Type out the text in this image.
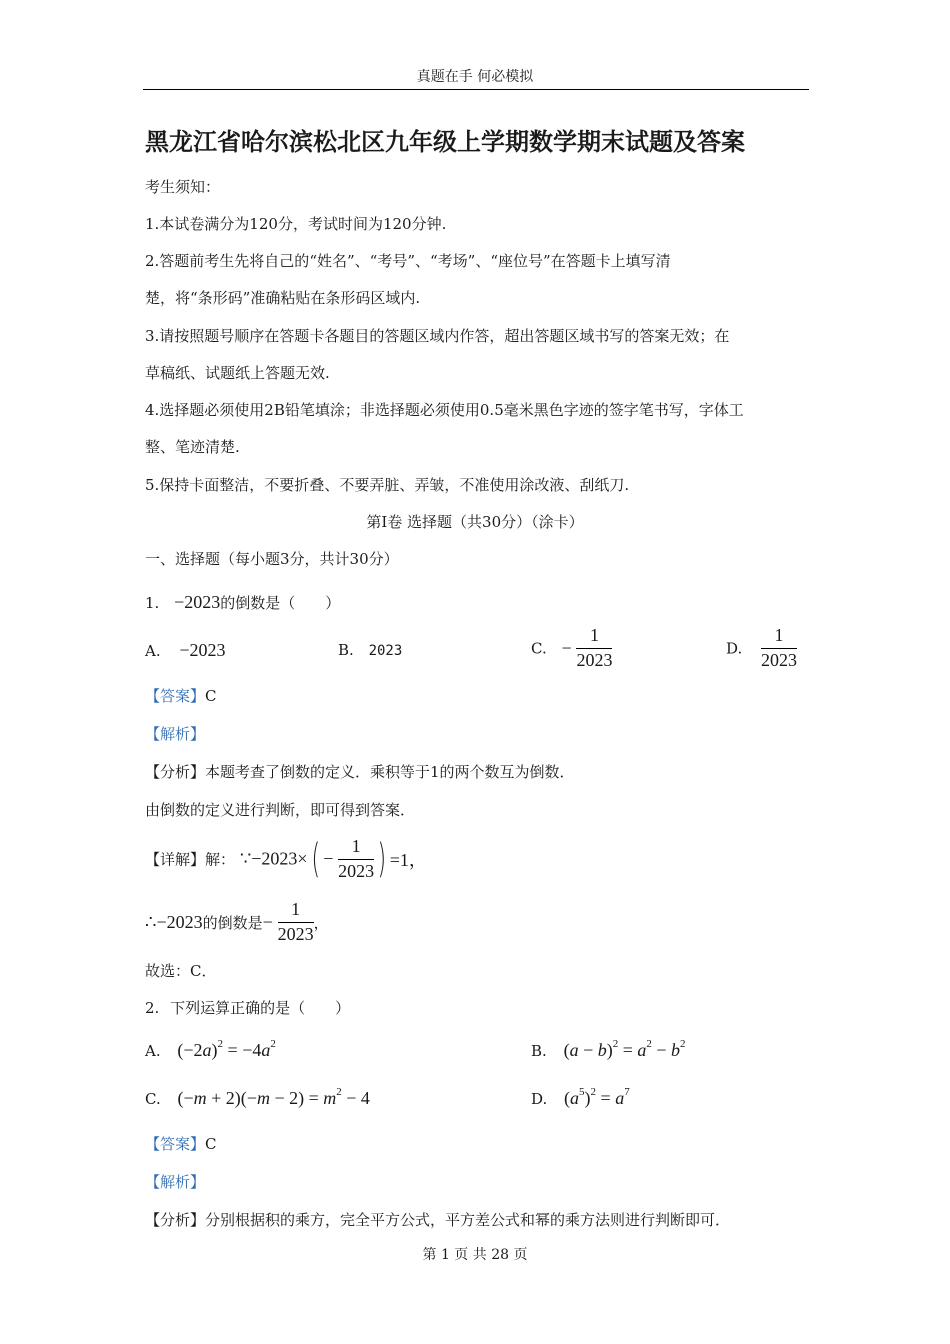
真题在手 何必模拟
黑龙江省哈尔滨松北区九年级上学期数学期末试题及答案
考生须知：
1.本试卷满分为120分，考试时间为120分钟.
2.答题前考生先将自己的“姓名”、“考号”、“考场”、“座位号”在答题卡上填写清
楚，将“条形码”准确粘贴在条形码区域内.
3.请按照题号顺序在答题卡各题目的答题区域内作答，超出答题区域书写的答案无效；在
草稿纸、试题纸上答题无效.
4.选择题必须使用2B铅笔填涂；非选择题必须使用0.5毫米黑色字迹的签字笔书写，字体工
整、笔迹清楚.
5.保持卡面整洁，不要折叠、不要弄脏、弄皱，不准使用涂改液、刮纸刀.
第Ⅰ卷 选择题（共30分）（涂卡）
一、选择题（每小题3分，共计30分）
1. −2023的倒数是（　　）
A. −2023	B. 2023	C. − $\frac{1}{2023}$	D. $\frac{1}{2023}$
【答案】C
【解析】
【分析】本题考查了倒数的定义．乘积等于1的两个数互为倒数．
由倒数的定义进行判断，即可得到答案．
【详解】解： ∵−2023×( − $\frac{1}{2023}$ ) =1，
∴−2023的倒数是− $\frac{1}{2023}$ ，
故选：C．
2. 下列运算正确的是（　　）
A. $(-2a)^2 = -4a^2$	B. $(a - b)^2 = a^2 - b^2$
C. $(-m + 2)(-m - 2) = m^2 - 4$	D. $(a^5)^2 = a^7$
【答案】C
【解析】
【分析】分别根据积的乘方，完全平方公式，平方差公式和幂的乘方法则进行判断即可．
第 1 页 共 28 页
